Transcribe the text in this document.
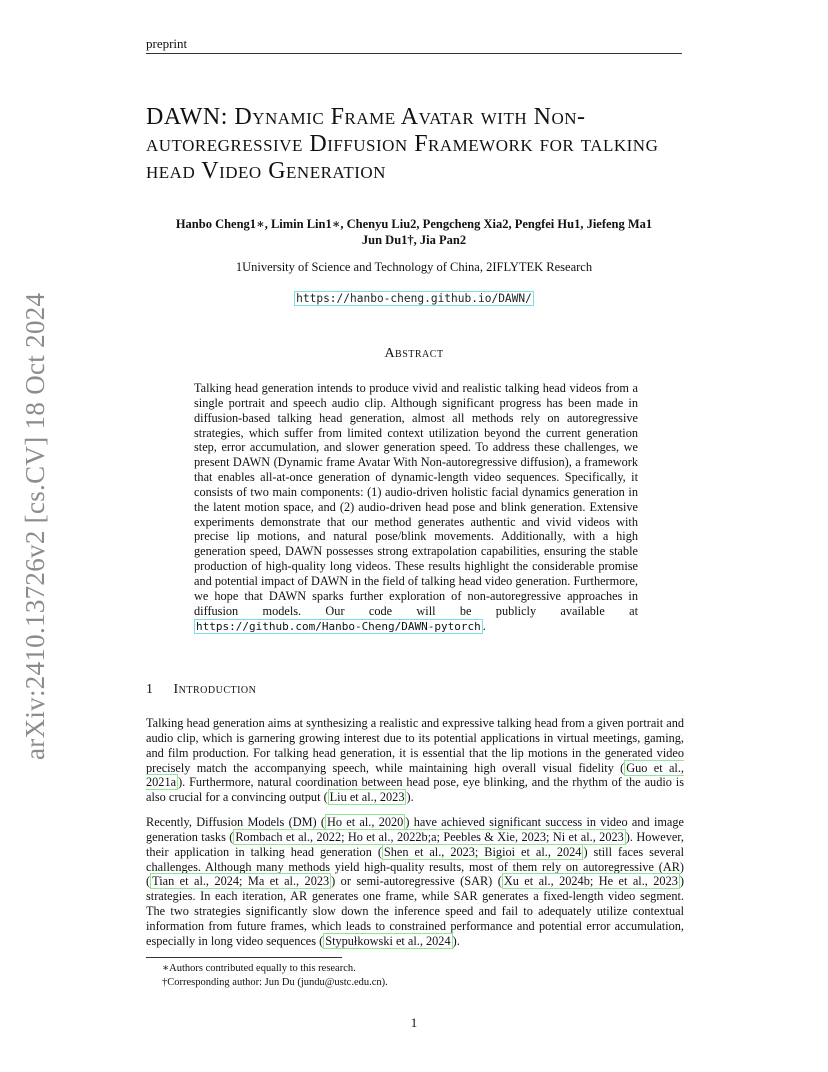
preprint
arXiv:2410.13726v2 [cs.CV] 18 Oct 2024
DAWN: Dynamic Frame Avatar with Non-autoregressive Diffusion Framework for talking head Video Generation
Hanbo Cheng1∗, Limin Lin1∗, Chenyu Liu2, Pengcheng Xia2, Pengfei Hu1, Jiefeng Ma1
Jun Du1†, Jia Pan2
1University of Science and Technology of China, 2IFLYTEK Research
https://hanbo-cheng.github.io/DAWN/
Abstract
Talking head generation intends to produce vivid and realistic talking head videos from a single portrait and speech audio clip. Although significant progress has been made in diffusion-based talking head generation, almost all methods rely on autoregressive strategies, which suffer from limited context utilization beyond the current generation step, error accumulation, and slower generation speed. To address these challenges, we present DAWN (Dynamic frame Avatar With Non-autoregressive diffusion), a framework that enables all-at-once generation of dynamic-length video sequences. Specifically, it consists of two main components: (1) audio-driven holistic facial dynamics generation in the latent motion space, and (2) audio-driven head pose and blink generation. Extensive experiments demonstrate that our method generates authentic and vivid videos with precise lip motions, and natural pose/blink movements. Additionally, with a high generation speed, DAWN possesses strong extrapolation capabilities, ensuring the stable production of high-quality long videos. These results highlight the considerable promise and potential impact of DAWN in the field of talking head video generation. Furthermore, we hope that DAWN sparks further exploration of non-autoregressive approaches in diffusion models. Our code will be publicly available at https://github.com/Hanbo-Cheng/DAWN-pytorch .
1 Introduction
Talking head generation aims at synthesizing a realistic and expressive talking head from a given portrait and audio clip, which is garnering growing interest due to its potential applications in virtual meetings, gaming, and film production. For talking head generation, it is essential that the lip motions in the generated video precisely match the accompanying speech, while maintaining high overall visual fidelity ( Guo et al., 2021a ). Furthermore, natural coordination between head pose, eye blinking, and the rhythm of the audio is also crucial for a convincing output ( Liu et al., 2023 ).
Recently, Diffusion Models (DM) ( Ho et al., 2020 ) have achieved significant success in video and image generation tasks ( Rombach et al., 2022; Ho et al., 2022b;a; Peebles & Xie, 2023; Ni et al., 2023 ). However, their application in talking head generation ( Shen et al., 2023; Bigioi et al., 2024 ) still faces several challenges. Although many methods yield high-quality results, most of them rely on autoregressive (AR) ( Tian et al., 2024; Ma et al., 2023 ) or semi-autoregressive (SAR) ( Xu et al., 2024b; He et al., 2023 ) strategies. In each iteration, AR generates one frame, while SAR generates a fixed-length video segment. The two strategies significantly slow down the inference speed and fail to adequately utilize contextual information from future frames, which leads to constrained performance and potential error accumulation, especially in long video sequences ( Stypułkowski et al., 2024 ).
∗Authors contributed equally to this research.
†Corresponding author: Jun Du (jundu@ustc.edu.cn).
1
